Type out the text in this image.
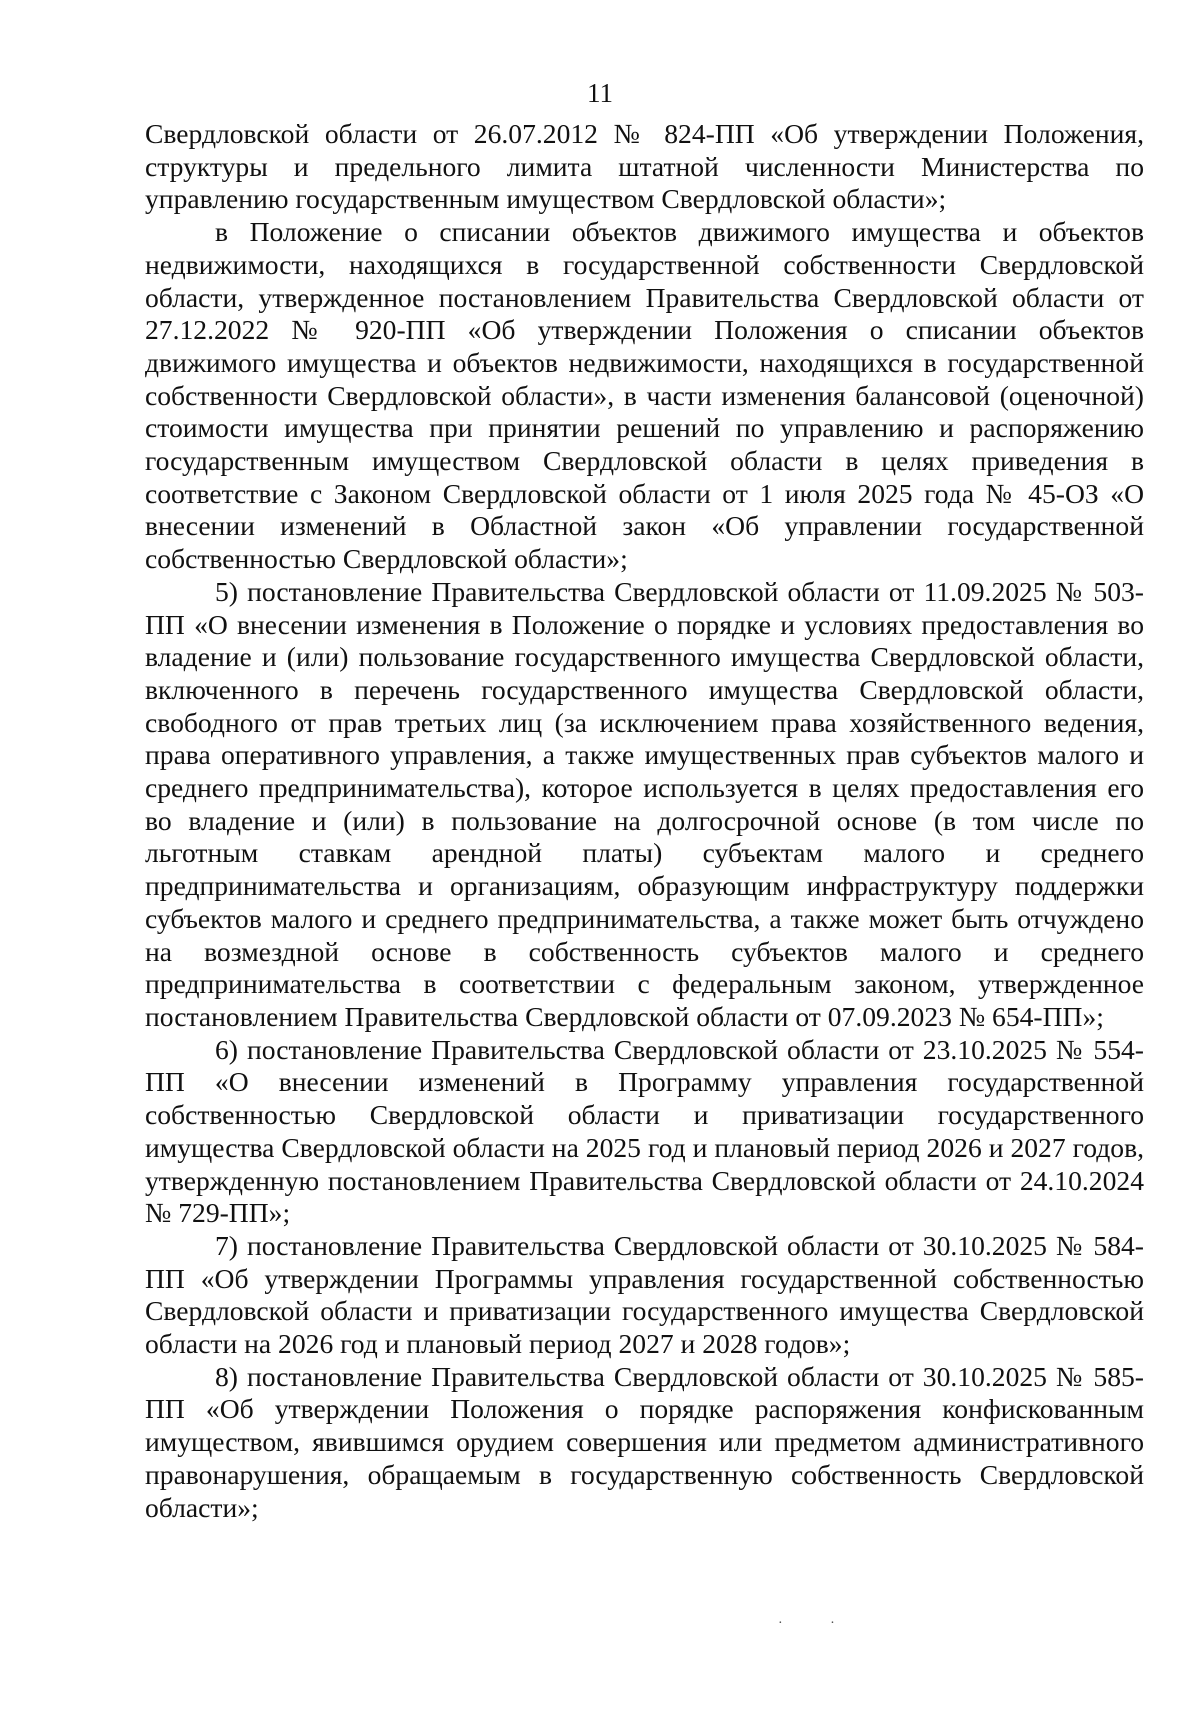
11

Свердловской области от 26.07.2012 № 824-ПП «Об утверждении Положения, структуры и предельного лимита штатной численности Министерства по управлению государственным имуществом Свердловской области»;

в Положение о списании объектов движимого имущества и объектов недвижимости, находящихся в государственной собственности Свердловской области, утвержденное постановлением Правительства Свердловской области от 27.12.2022 № 920-ПП «Об утверждении Положения о списании объектов движимого имущества и объектов недвижимости, находящихся в государственной собственности Свердловской области», в части изменения балансовой (оценочной) стоимости имущества при принятии решений по управлению и распоряжению государственным имуществом Свердловской области в целях приведения в соответствие с Законом Свердловской области от 1 июля 2025 года № 45-ОЗ «О внесении изменений в Областной закон «Об управлении государственной собственностью Свердловской области»;

5) постановление Правительства Свердловской области от 11.09.2025 № 503-ПП «О внесении изменения в Положение о порядке и условиях предоставления во владение и (или) пользование государственного имущества Свердловской области, включенного в перечень государственного имущества Свердловской области, свободного от прав третьих лиц (за исключением права хозяйственного ведения, права оперативного управления, а также имущественных прав субъектов малого и среднего предпринимательства), которое используется в целях предоставления его во владение и (или) в пользование на долгосрочной основе (в том числе по льготным ставкам арендной платы) субъектам малого и среднего предпринимательства и организациям, образующим инфраструктуру поддержки субъектов малого и среднего предпринимательства, а также может быть отчуждено на возмездной основе в собственность субъектов малого и среднего предпринимательства в соответствии с федеральным законом, утвержденное постановлением Правительства Свердловской области от 07.09.2023 № 654-ПП»;

6) постановление Правительства Свердловской области от 23.10.2025 № 554-ПП «О внесении изменений в Программу управления государственной собственностью Свердловской области и приватизации государственного имущества Свердловской области на 2025 год и плановый период 2026 и 2027 годов, утвержденную постановлением Правительства Свердловской области от 24.10.2024 № 729-ПП»;

7) постановление Правительства Свердловской области от 30.10.2025 № 584-ПП «Об утверждении Программы управления государственной собственностью Свердловской области и приватизации государственного имущества Свердловской области на 2026 год и плановый период 2027 и 2028 годов»;

8) постановление Правительства Свердловской области от 30.10.2025 № 585-ПП «Об утверждении Положения о порядке распоряжения конфискованным имуществом, явившимся орудием совершения или предметом административного правонарушения, обращаемым в государственную собственность Свердловской области»;

· ·
